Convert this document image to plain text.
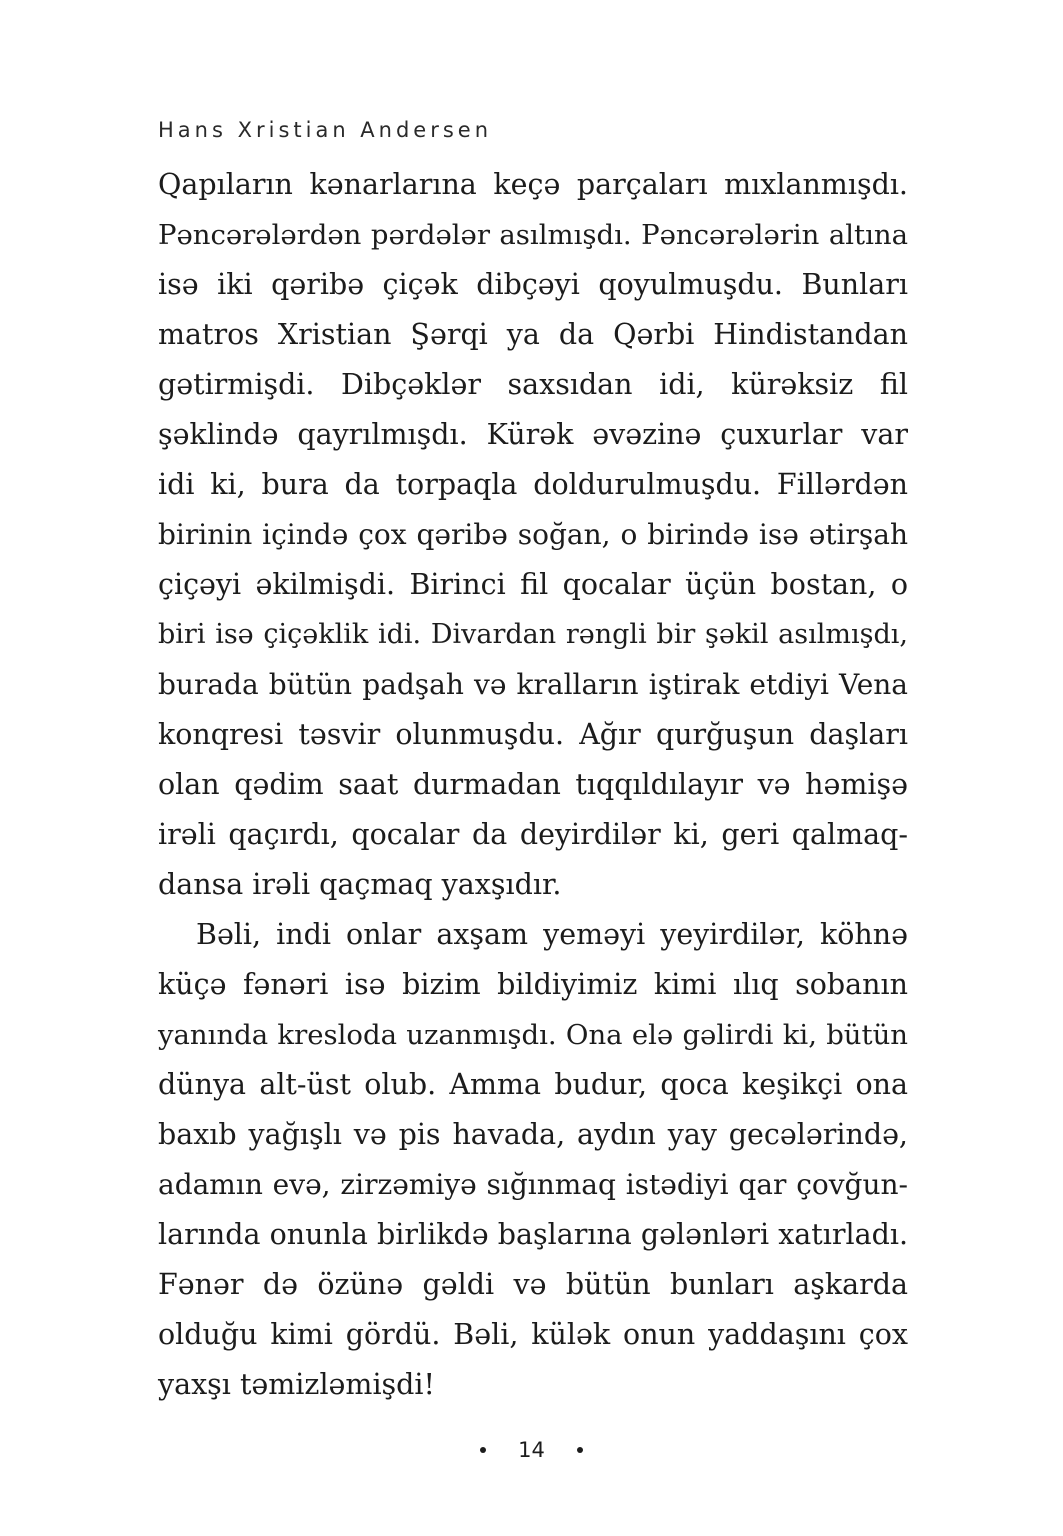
Hans Xristian Andersen
Qapıların kənarlarına keçə parçaları mıxlanmışdı.
Pəncərələrdən pərdələr asılmışdı. Pəncərələrin altına
isə iki qəribə çiçək dibçəyi qoyulmuşdu. Bunları
matros Xristian Şərqi ya da Qərbi Hindistandan
gətirmişdi. Dibçəklər saxsıdan idi, kürəksiz fil
şəklində qayrılmışdı. Kürək əvəzinə çuxurlar var
idi ki, bura da torpaqla doldurulmuşdu. Fillərdən
birinin içində çox qəribə soğan, o birində isə ətirşah
çiçəyi əkilmişdi. Birinci fil qocalar üçün bostan, o
biri isə çiçəklik idi. Divardan rəngli bir şəkil asılmışdı,
burada bütün padşah və kralların iştirak etdiyi Vena
konqresi təsvir olunmuşdu. Ağır qurğuşun daşları
olan qədim saat durmadan tıqqıldılayır və həmişə
irəli qaçırdı, qocalar da deyirdilər ki, geri qalmaq-
dansa irəli qaçmaq yaxşıdır.
Bəli, indi onlar axşam yeməyi yeyirdilər, köhnə
küçə fənəri isə bizim bildiyimiz kimi ılıq sobanın
yanında kresloda uzanmışdı. Ona elə gəlirdi ki, bütün
dünya alt-üst olub. Amma budur, qoca keşikçi ona
baxıb yağışlı və pis havada, aydın yay gecələrində,
adamın evə, zirzəmiyə sığınmaq istədiyi qar çovğun-
larında onunla birlikdə başlarına gələnləri xatırladı.
Fənər də özünə gəldi və bütün bunları aşkarda
olduğu kimi gördü. Bəli, külək onun yaddaşını çox
yaxşı təmizləmişdi!
14
